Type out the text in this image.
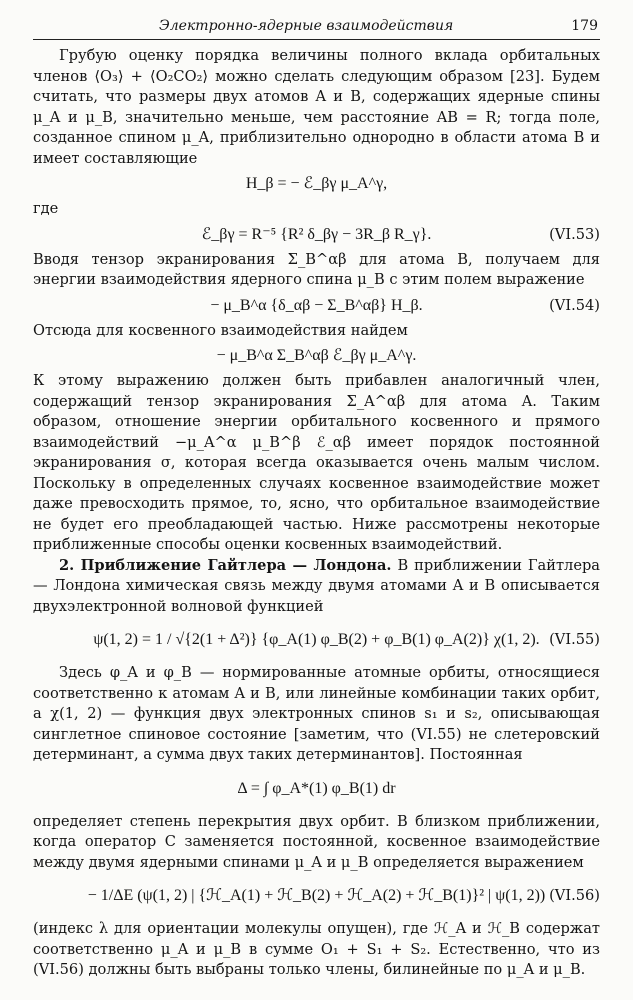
Электронно-ядерные взаимодействия	179

Грубую оценку порядка величины полного вклада орбитальных членов ⟨O₃⟩ + ⟨O₂CO₂⟩ можно сделать следующим образом [23]. Будем считать, что размеры двух атомов A и B, содержащих ядерные спины μ_A и μ_B, значительно меньше, чем расстояние AB = R; тогда поле, созданное спином μ_A, приблизительно однородно в области атома B и имеет составляющие

H_β = − ℰ_βγ μ_A^γ,

где

ℰ_βγ = R⁻⁵ {R² δ_βγ − 3R_β R_γ}.	(VI.53)

Вводя тензор экранирования Σ_B^αβ для атома B, получаем для энергии взаимодействия ядерного спина μ_B с этим полем выражение

− μ_B^α {δ_αβ − Σ_B^αβ} H_β.	(VI.54)

Отсюда для косвенного взаимодействия найдем

− μ_B^α Σ_B^αβ ℰ_βγ μ_A^γ.

К этому выражению должен быть прибавлен аналогичный член, содержащий тензор экранирования Σ_A^αβ для атома A. Таким образом, отношение энергии орбитального косвенного и прямого взаимодействий −μ_A^α μ_B^β ℰ_αβ имеет порядок постоянной экранирования σ, которая всегда оказывается очень малым числом. Поскольку в определенных случаях косвенное взаимодействие может даже превосходить прямое, то, ясно, что орбитальное взаимодействие не будет его преобладающей частью. Ниже рассмотрены некоторые приближенные способы оценки косвенных взаимодействий.

2. Приближение Гайтлера — Лондона. В приближении Гайтлера — Лондона химическая связь между двумя атомами A и B описывается двухэлектронной волновой функцией

ψ(1, 2) = 1 / √{2(1 + Δ²)} {φ_A(1) φ_B(2) + φ_B(1) φ_A(2)} χ(1, 2). (VI.55)

Здесь φ_A и φ_B — нормированные атомные орбиты, относящиеся соответственно к атомам A и B, или линейные комбинации таких орбит, а χ(1, 2) — функция двух электронных спинов s₁ и s₂, описывающая синглетное спиновое состояние [заметим, что (VI.55) не слетеровский детерминант, а сумма двух таких детерминантов]. Постоянная

Δ = ∫ φ_A*(1) φ_B(1) dr

определяет степень перекрытия двух орбит. В близком приближении, когда оператор C заменяется постоянной, косвенное взаимодействие между двумя ядерными спинами μ_A и μ_B определяется выражением

− 1/ΔE (ψ(1, 2) | {ℋ_A(1) + ℋ_B(2) + ℋ_A(2) + ℋ_B(1)}² | ψ(1, 2)) (VI.56)

(индекс λ для ориентации молекулы опущен), где ℋ_A и ℋ_B содержат соответственно μ_A и μ_B в сумме O₁ + S₁ + S₂. Естественно, что из (VI.56) должны быть выбраны только члены, билинейные по μ_A и μ_B.
